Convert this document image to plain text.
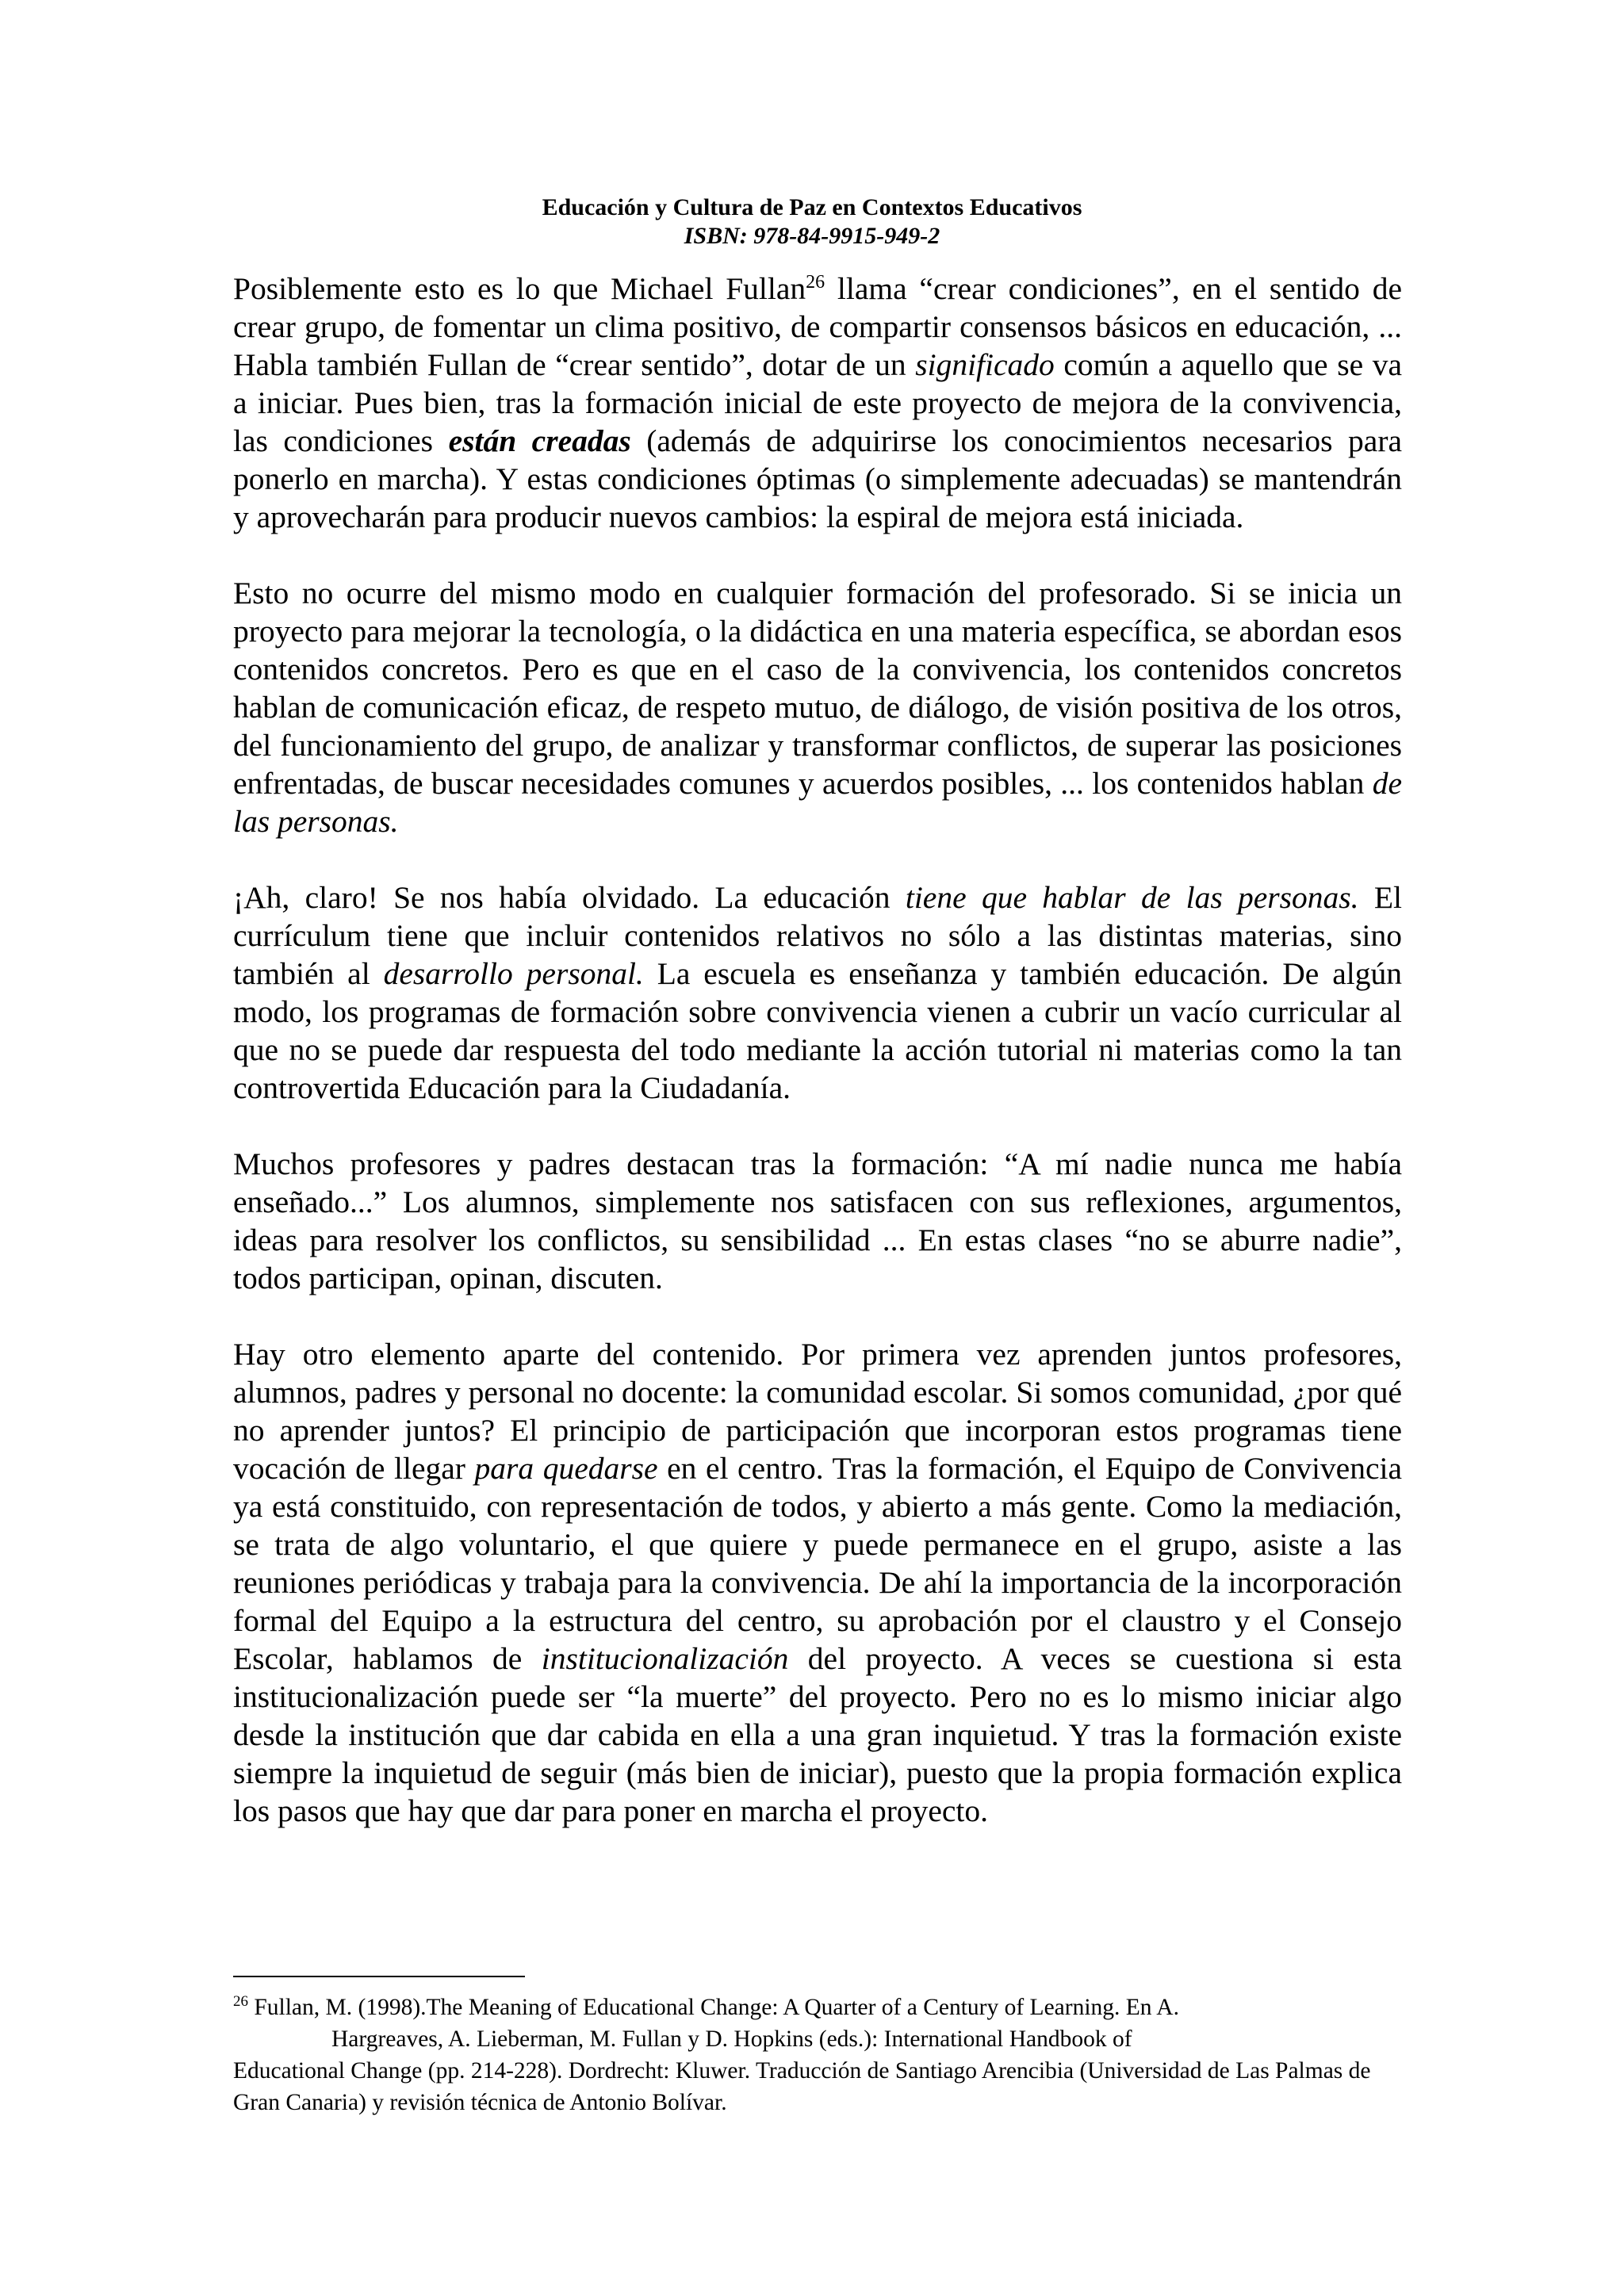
Educación y Cultura de Paz en Contextos Educativos
ISBN: 978-84-9915-949-2

Posiblemente esto es lo que Michael Fullan$^{26}$ llama “crear condiciones”, en el sentido de crear grupo, de fomentar un clima positivo, de compartir consensos básicos en educación, ... Habla también Fullan de “crear sentido”, dotar de un significado común a aquello que se va a iniciar. Pues bien, tras la formación inicial de este proyecto de mejora de la convivencia, las condiciones están creadas (además de adquirirse los conocimientos necesarios para ponerlo en marcha). Y estas condiciones óptimas (o simplemente adecuadas) se mantendrán y aprovecharán para producir nuevos cambios: la espiral de mejora está iniciada.

Esto no ocurre del mismo modo en cualquier formación del profesorado. Si se inicia un proyecto para mejorar la tecnología, o la didáctica en una materia específica, se abordan esos contenidos concretos. Pero es que en el caso de la convivencia, los contenidos concretos hablan de comunicación eficaz, de respeto mutuo, de diálogo, de visión positiva de los otros, del funcionamiento del grupo, de analizar y transformar conflictos, de superar las posiciones enfrentadas, de buscar necesidades comunes y acuerdos posibles, ... los contenidos hablan de las personas.

¡Ah, claro! Se nos había olvidado. La educación tiene que hablar de las personas. El currículum tiene que incluir contenidos relativos no sólo a las distintas materias, sino también al desarrollo personal. La escuela es enseñanza y también educación. De algún modo, los programas de formación sobre convivencia vienen a cubrir un vacío curricular al que no se puede dar respuesta del todo mediante la acción tutorial ni materias como la tan controvertida Educación para la Ciudadanía.

Muchos profesores y padres destacan tras la formación: “A mí nadie nunca me había enseñado...” Los alumnos, simplemente nos satisfacen con sus reflexiones, argumentos, ideas para resolver los conflictos, su sensibilidad ... En estas clases “no se aburre nadie”, todos participan, opinan, discuten.

Hay otro elemento aparte del contenido. Por primera vez aprenden juntos profesores, alumnos, padres y personal no docente: la comunidad escolar. Si somos comunidad, ¿por qué no aprender juntos? El principio de participación que incorporan estos programas tiene vocación de llegar para quedarse en el centro. Tras la formación, el Equipo de Convivencia ya está constituido, con representación de todos, y abierto a más gente. Como la mediación, se trata de algo voluntario, el que quiere y puede permanece en el grupo, asiste a las reuniones periódicas y trabaja para la convivencia. De ahí la importancia de la incorporación formal del Equipo a la estructura del centro, su aprobación por el claustro y el Consejo Escolar, hablamos de institucionalización del proyecto. A veces se cuestiona si esta institucionalización puede ser “la muerte” del proyecto. Pero no es lo mismo iniciar algo desde la institución que dar cabida en ella a una gran inquietud. Y tras la formación existe siempre la inquietud de seguir (más bien de iniciar), puesto que la propia formación explica los pasos que hay que dar para poner en marcha el proyecto.

$^{26}$ Fullan, M. (1998).The Meaning of Educational Change: A Quarter of a Century of Learning. En A.
Hargreaves, A. Lieberman, M. Fullan y D. Hopkins (eds.): International Handbook of
Educational Change (pp. 214-228). Dordrecht: Kluwer. Traducción de Santiago Arencibia (Universidad de Las Palmas de Gran Canaria) y revisión técnica de Antonio Bolívar.
